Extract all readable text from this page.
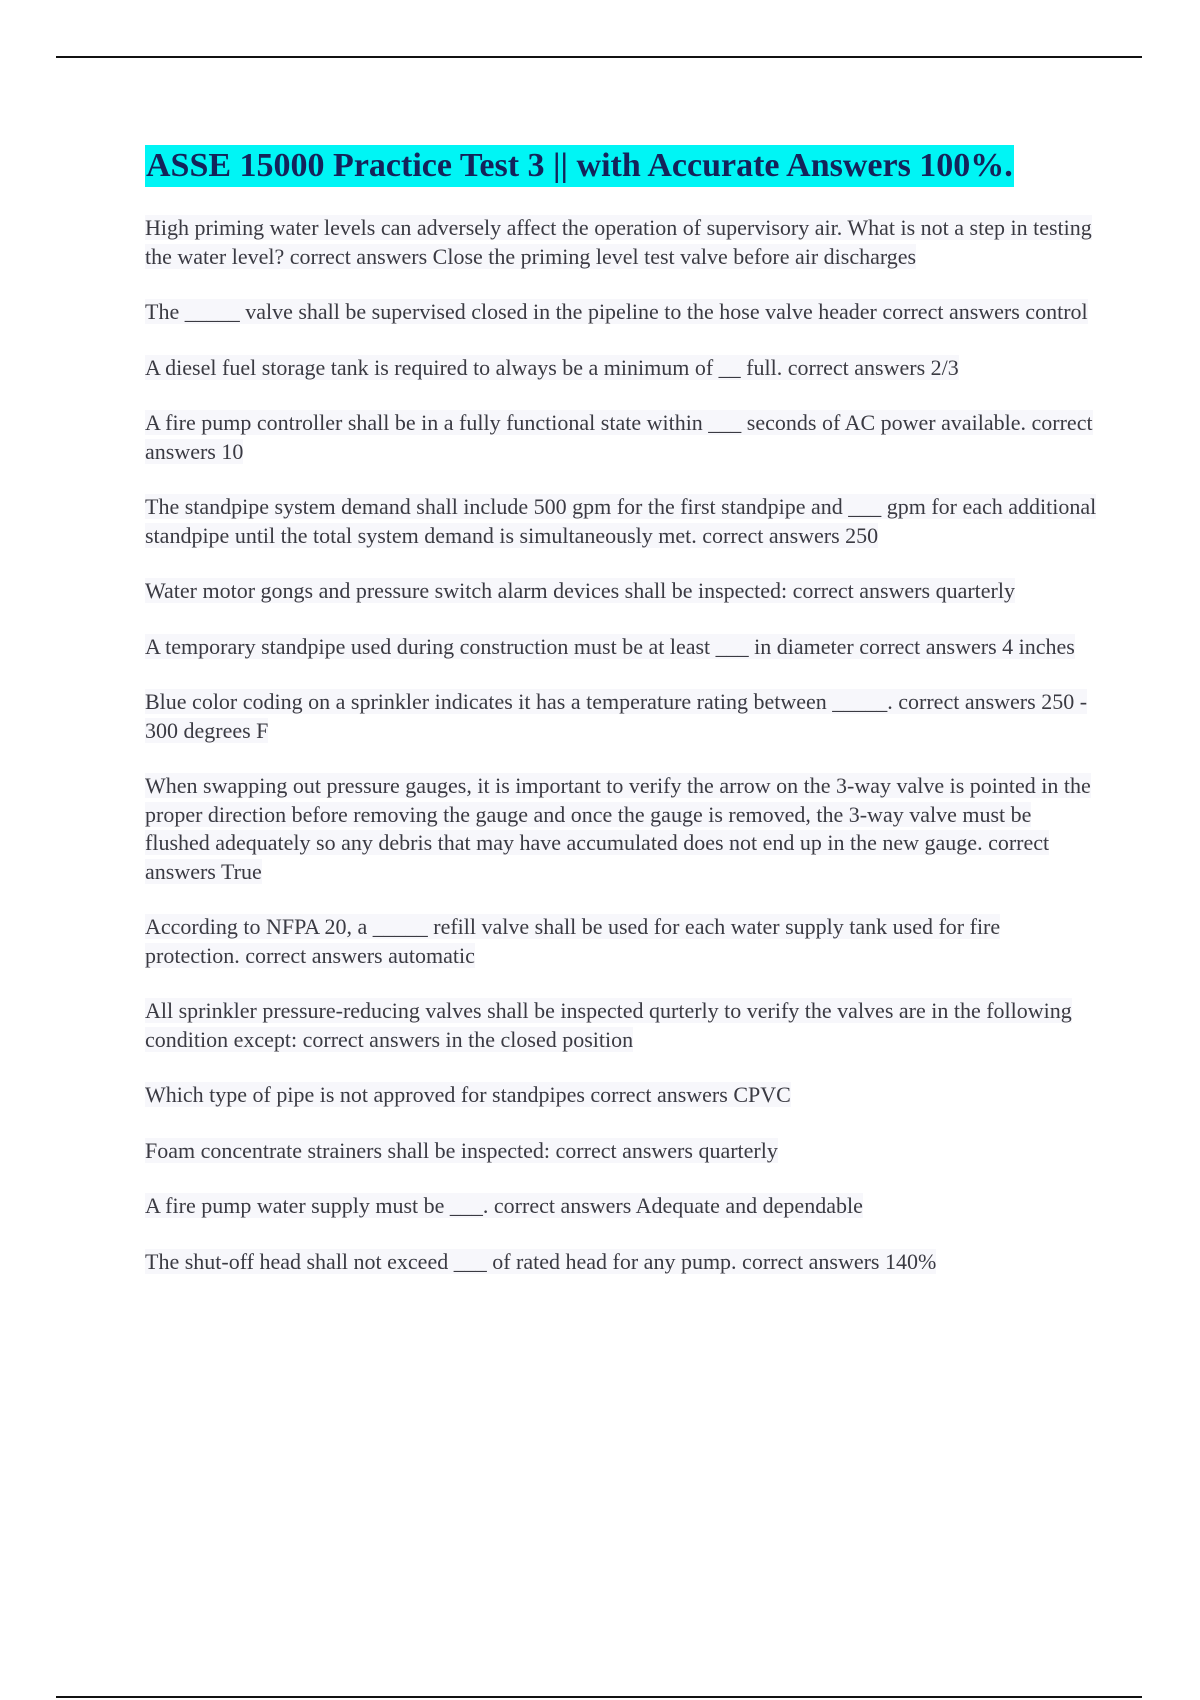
ASSE 15000 Practice Test 3 || with Accurate Answers 100%.
High priming water levels can adversely affect the operation of supervisory air. What is not a step in testing the water level? correct answers Close the priming level test valve before air discharges
The _____ valve shall be supervised closed in the pipeline to the hose valve header correct answers control
A diesel fuel storage tank is required to always be a minimum of __ full. correct answers 2/3
A fire pump controller shall be in a fully functional state within ___ seconds of AC power available. correct answers 10
The standpipe system demand shall include 500 gpm for the first standpipe and ___ gpm for each additional standpipe until the total system demand is simultaneously met. correct answers 250
Water motor gongs and pressure switch alarm devices shall be inspected: correct answers quarterly
A temporary standpipe used during construction must be at least ___ in diameter correct answers 4 inches
Blue color coding on a sprinkler indicates it has a temperature rating between _____. correct answers 250 - 300 degrees F
When swapping out pressure gauges, it is important to verify the arrow on the 3-way valve is pointed in the proper direction before removing the gauge and once the gauge is removed, the 3-way valve must be flushed adequately so any debris that may have accumulated does not end up in the new gauge. correct answers True
According to NFPA 20, a _____ refill valve shall be used for each water supply tank used for fire protection. correct answers automatic
All sprinkler pressure-reducing valves shall be inspected qurterly to verify the valves are in the following condition except: correct answers in the closed position
Which type of pipe is not approved for standpipes correct answers CPVC
Foam concentrate strainers shall be inspected: correct answers quarterly
A fire pump water supply must be ___. correct answers Adequate and dependable
The shut-off head shall not exceed ___ of rated head for any pump. correct answers 140%
